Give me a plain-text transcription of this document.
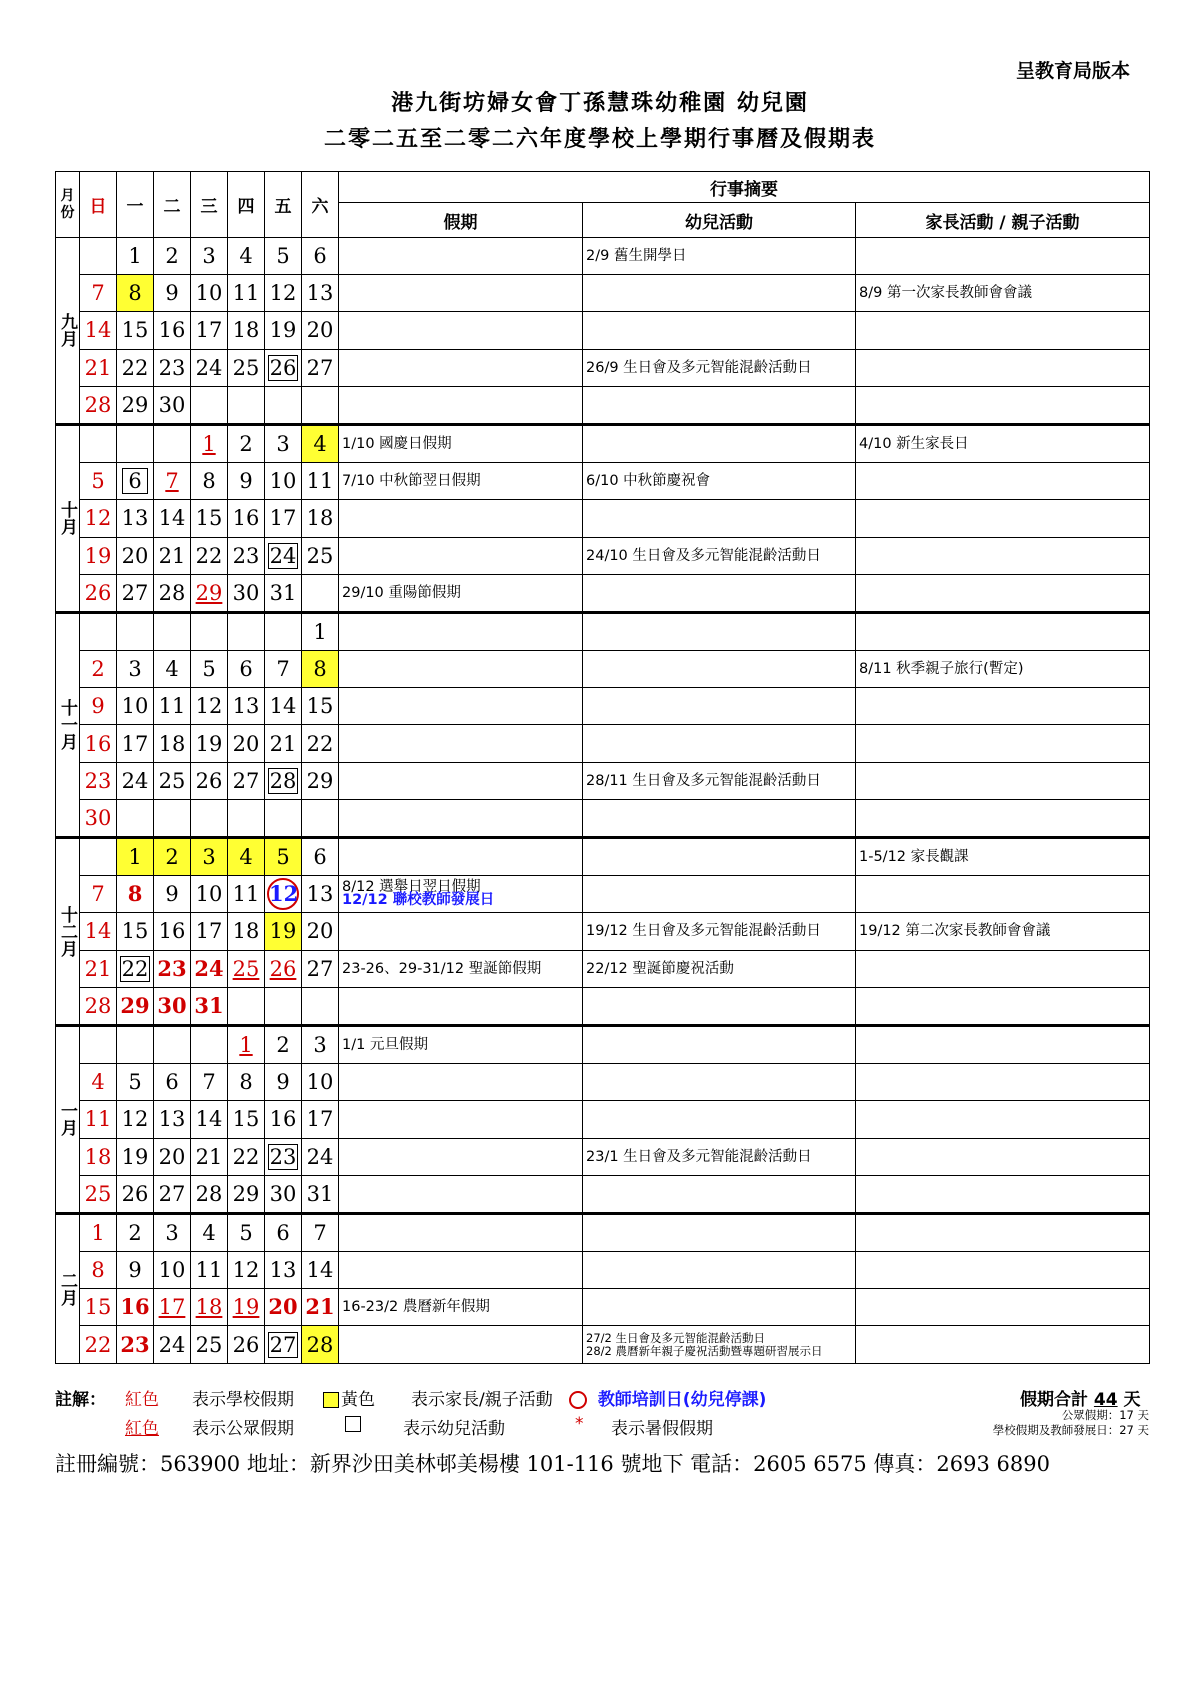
呈教育局版本
港九街坊婦女會丁孫慧珠幼稚園 幼兒園
二零二五至二零二六年度學校上學期行事曆及假期表
月份	日	一	二	三	四	五	六	行事摘要		
								假期	幼兒活動	家長活動 / 親子活動
九月		1	2	3	4	5	6		2/9 舊生開學日	
	7	8	9	10	11	12	13			8/9 第一次家長教師會會議
	14	15	16	17	18	19	20			
	21	22	23	24	25	26	27		26/9 生日會及多元智能混齡活動日	
	28	29	30							
十月				1	2	3	4	1/10 國慶日假期		4/10 新生家長日
	5	6	7	8	9	10	11	7/10 中秋節翌日假期	6/10 中秋節慶祝會	
	12	13	14	15	16	17	18			
	19	20	21	22	23	24	25		24/10 生日會及多元智能混齡活動日	
	26	27	28	29	30	31		29/10 重陽節假期		
十一月							1			
	2	3	4	5	6	7	8			8/11 秋季親子旅行(暫定)
	9	10	11	12	13	14	15			
	16	17	18	19	20	21	22			
	23	24	25	26	27	28	29		28/11 生日會及多元智能混齡活動日	
	30									
十二月		1	2	3	4	5	6			1-5/12 家長觀課
	7	8	9	10	11	12	13	8/12 選舉日翌日假期
12/12 聯校教師發展日		

	14	15	16	17	18	19	20		19/12 生日會及多元智能混齡活動日	19/12 第二次家長教師會會議
	21	22	23	24	25	26	27	23-26、29-31/12 聖誕節假期	22/12 聖誕節慶祝活動	
	28	29	30	31						
一月					1	2	3	1/1 元旦假期		
	4	5	6	7	8	9	10			
	11	12	13	14	15	16	17			
	18	19	20	21	22	23	24		23/1 生日會及多元智能混齡活動日	
	25	26	27	28	29	30	31			
二月	1	2	3	4	5	6	7			
	8	9	10	11	12	13	14			
	15	16	17	18	19	20	21	16-23/2 農曆新年假期		
	22	23	24	25	26	27	28		27/2 生日會及多元智能混齡活動日
28/2 農曆新年親子慶祝活動暨專題研習展示日	

註解： 紅色 表示學校假期	黃色 表示家長/親子活動	教師培訓日(幼兒停課)	假期合計 44 天
紅色 表示公眾假期	表示幼兒活動	* 表示暑假假期
公眾假期：17 天
學校假期及教師發展日：27 天
註冊編號：563900 地址：新界沙田美林邨美楊樓 101-116 號地下 電話：2605 6575 傳真：2693 6890
